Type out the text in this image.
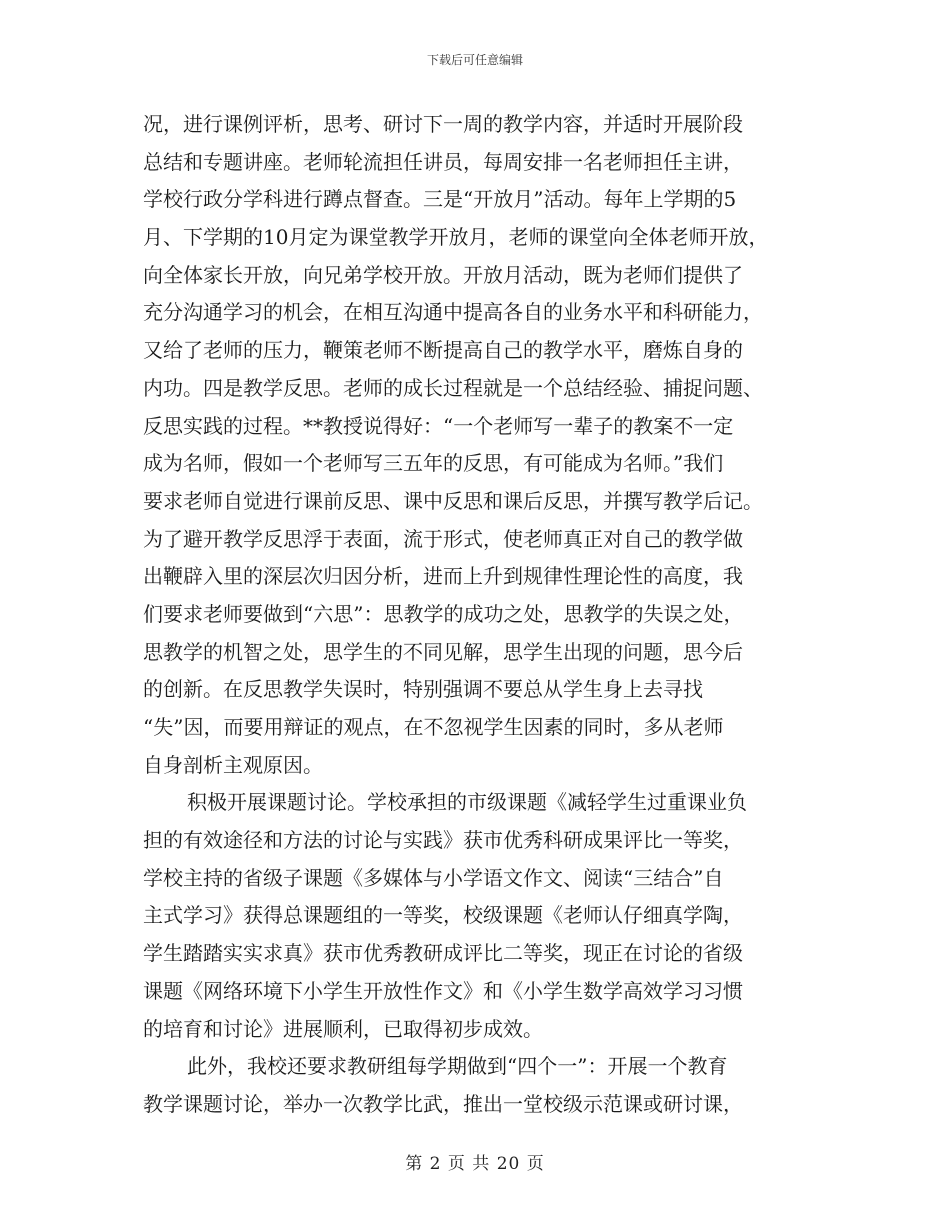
下载后可任意编辑
况，进行课例评析，思考、研讨下一周的教学内容，并适时开展阶段
总结和专题讲座。老师轮流担任讲员，每周安排一名老师担任主讲，
学校行政分学科进行蹲点督查。三是“开放月”活动。每年上学期的5
月、下学期的10月定为课堂教学开放月，老师的课堂向全体老师开放，
向全体家长开放，向兄弟学校开放。开放月活动，既为老师们提供了
充分沟通学习的机会，在相互沟通中提高各自的业务水平和科研能力，
又给了老师的压力，鞭策老师不断提高自己的教学水平，磨炼自身的
内功。四是教学反思。老师的成长过程就是一个总结经验、捕捉问题、
反思实践的过程。**教授说得好：“一个老师写一辈子的教案不一定
成为名师，假如一个老师写三五年的反思，有可能成为名师。”我们
要求老师自觉进行课前反思、课中反思和课后反思，并撰写教学后记。
为了避开教学反思浮于表面，流于形式，使老师真正对自己的教学做
出鞭辟入里的深层次归因分析，进而上升到规律性理论性的高度，我
们要求老师要做到“六思”：思教学的成功之处，思教学的失误之处，
思教学的机智之处，思学生的不同见解，思学生出现的问题，思今后
的创新。在反思教学失误时，特别强调不要总从学生身上去寻找
“失”因，而要用辩证的观点，在不忽视学生因素的同时，多从老师
自身剖析主观原因。
积极开展课题讨论。学校承担的市级课题《减轻学生过重课业负
担的有效途径和方法的讨论与实践》获市优秀科研成果评比一等奖，
学校主持的省级子课题《多媒体与小学语文作文、阅读“三结合”自
主式学习》获得总课题组的一等奖，校级课题《老师认仔细真学陶，
学生踏踏实实求真》获市优秀教研成评比二等奖，现正在讨论的省级
课题《网络环境下小学生开放性作文》和《小学生数学高效学习习惯
的培育和讨论》进展顺利，已取得初步成效。
此外，我校还要求教研组每学期做到“四个一”：开展一个教育
教学课题讨论，举办一次教学比武，推出一堂校级示范课或研讨课，
第 2 页 共 20 页
